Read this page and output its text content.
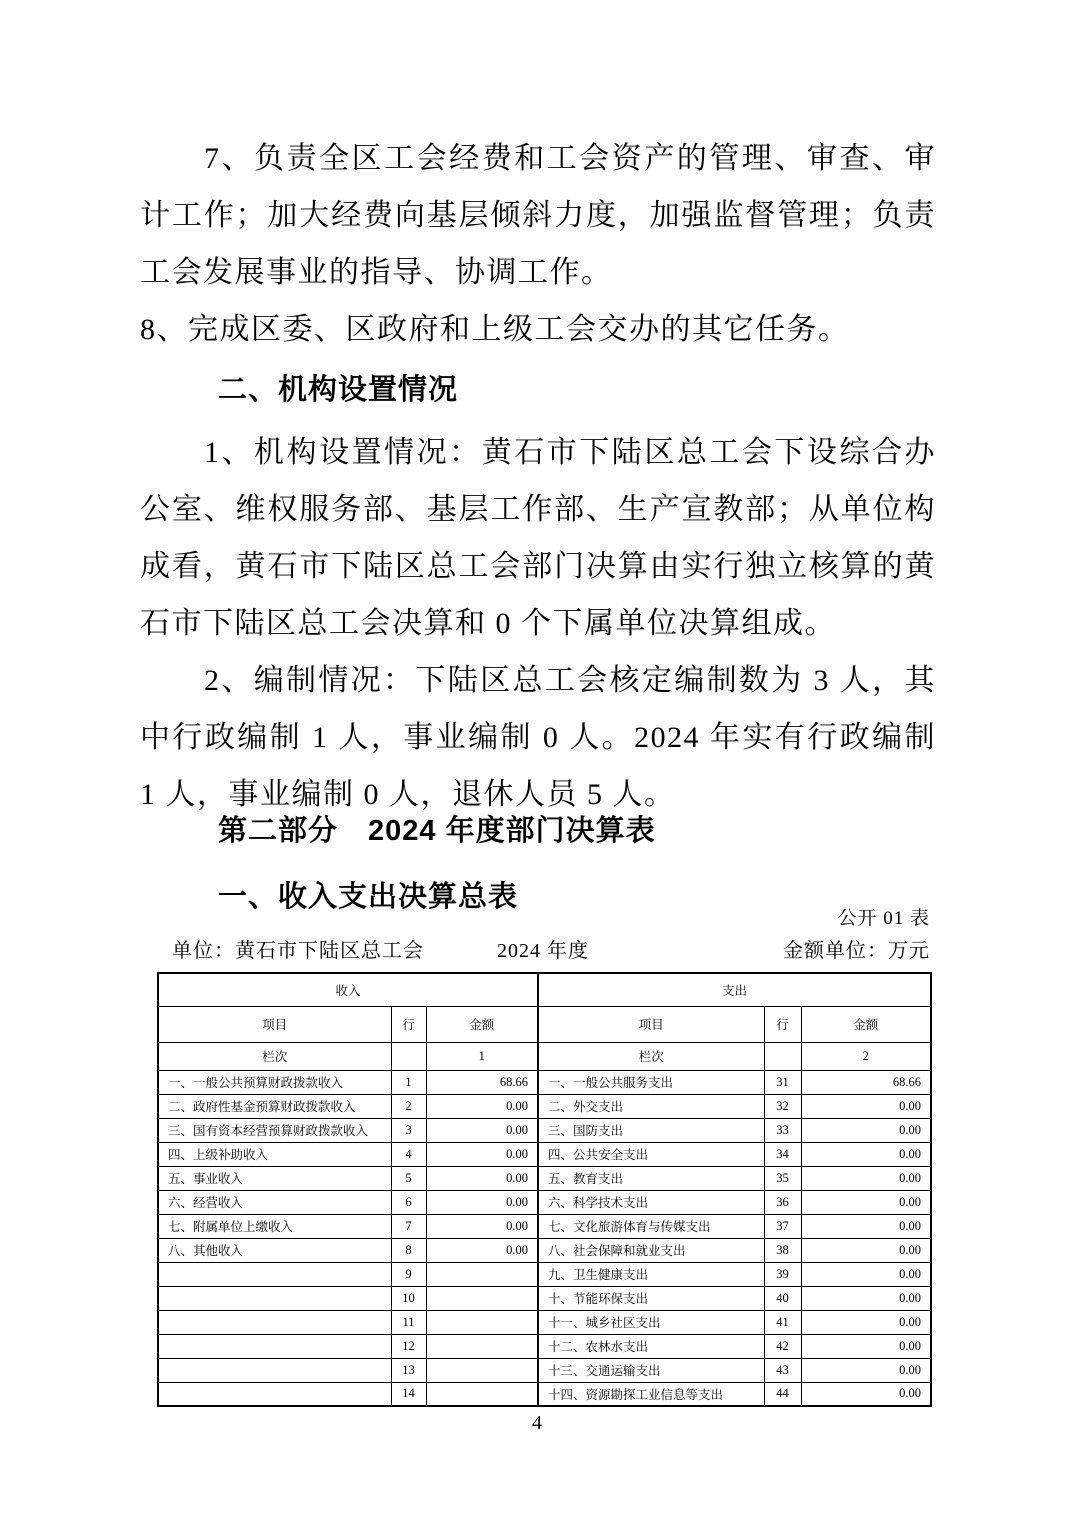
7、负责全区工会经费和工会资产的管理、审查、审计工作；加大经费向基层倾斜力度，加强监督管理；负责工会发展事业的指导、协调工作。

8、完成区委、区政府和上级工会交办的其它任务。

二、机构设置情况

1、机构设置情况：黄石市下陆区总工会下设综合办公室、维权服务部、基层工作部、生产宣教部；从单位构成看，黄石市下陆区总工会部门决算由实行独立核算的黄石市下陆区总工会决算和 0 个下属单位决算组成。

2、编制情况：下陆区总工会核定编制数为 3 人，其中行政编制 1 人，事业编制 0 人。2024 年实有行政编制 1 人，事业编制 0 人，退休人员 5 人。

第二部分　2024 年度部门决算表
一、收入支出决算总表
公开 01 表
单位：黄石市下陆区总工会	2024 年度	金额单位：万元
收入			支出		
项目	行	金额	项目	行	金额
栏次		1	栏次		2
一、一般公共预算财政拨款收入	1	68.66	一、一般公共服务支出	31	68.66
二、政府性基金预算财政拨款收入	2	0.00	二、外交支出	32	0.00
三、国有资本经营预算财政拨款收入	3	0.00	三、国防支出	33	0.00
四、上级补助收入	4	0.00	四、公共安全支出	34	0.00
五、事业收入	5	0.00	五、教育支出	35	0.00
六、经营收入	6	0.00	六、科学技术支出	36	0.00
七、附属单位上缴收入	7	0.00	七、文化旅游体育与传媒支出	37	0.00
八、其他收入	8	0.00	八、社会保障和就业支出	38	0.00
	9		九、卫生健康支出	39	0.00
	10		十、节能环保支出	40	0.00
	11		十一、城乡社区支出	41	0.00
	12		十二、农林水支出	42	0.00
	13		十三、交通运输支出	43	0.00
	14		十四、资源勘探工业信息等支出	44	0.00
4
